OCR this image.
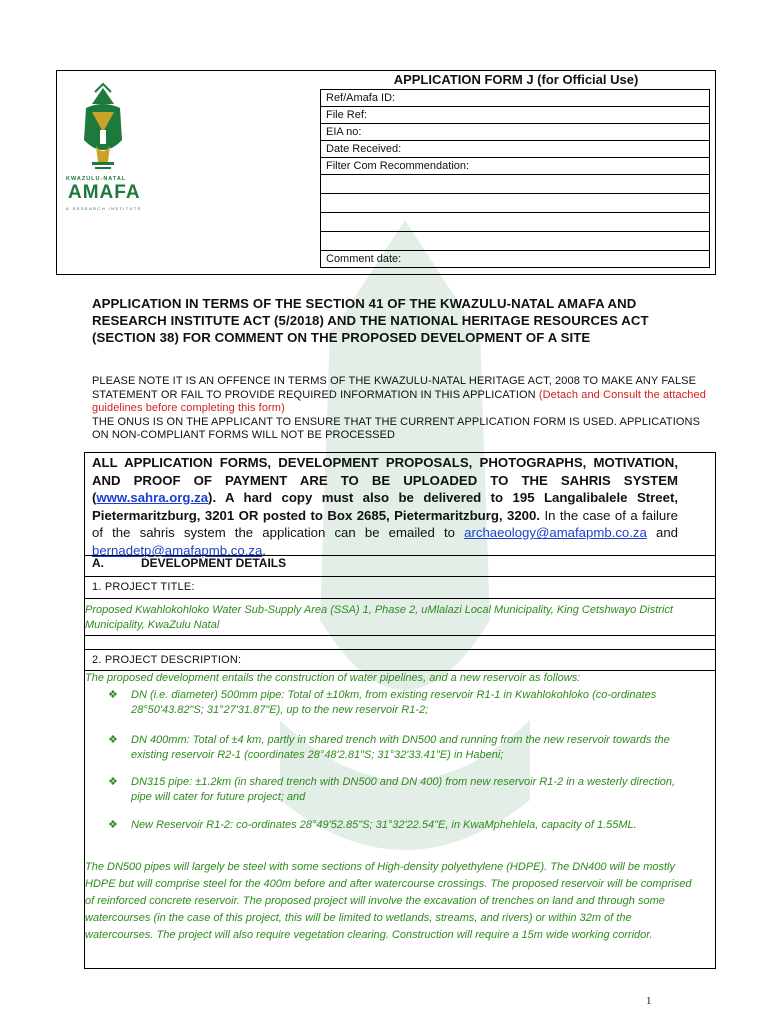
KWAZULU-NATAL
AMAFA
& RESEARCH INSTITUTE
APPLICATION FORM J (for Official Use)
Ref/Amafa ID:
File Ref:
EIA no:
Date Received:
Filter Com Recommendation:

Comment date:
APPLICATION IN TERMS OF THE SECTION 41 OF THE KWAZULU-NATAL AMAFA AND RESEARCH INSTITUTE ACT (5/2018) AND THE NATIONAL HERITAGE RESOURCES ACT (SECTION 38) FOR COMMENT ON THE PROPOSED DEVELOPMENT OF A SITE
PLEASE NOTE IT IS AN OFFENCE IN TERMS OF THE KWAZULU-NATAL HERITAGE ACT, 2008 TO MAKE ANY FALSE STATEMENT OR FAIL TO PROVIDE REQUIRED INFORMATION IN THIS APPLICATION (Detach and Consult the attached guidelines before completing this form)
THE ONUS IS ON THE APPLICANT TO ENSURE THAT THE CURRENT APPLICATION FORM IS USED. APPLICATIONS ON NON-COMPLIANT FORMS WILL NOT BE PROCESSED
ALL APPLICATION FORMS, DEVELOPMENT PROPOSALS, PHOTOGRAPHS, MOTIVATION, AND PROOF OF PAYMENT ARE TO BE UPLOADED TO THE SAHRIS SYSTEM (www.sahra.org.za). A hard copy must also be delivered to 195 Langalibalele Street, Pietermaritzburg, 3201 OR posted to Box 2685, Pietermaritzburg, 3200. In the case of a failure of the sahris system the application can be emailed to archaeology@amafapmb.co.za and bernadetp@amafapmb.co.za.
A.	DEVELOPMENT DETAILS
1. PROJECT TITLE:
Proposed Kwahlokohloko Water Sub-Supply Area (SSA) 1, Phase 2, uMlalazi Local Municipality, King Cetshwayo District Municipality, KwaZulu Natal
2. PROJECT DESCRIPTION:
The proposed development entails the construction of water pipelines, and a new reservoir as follows:
❖ DN (i.e. diameter) 500mm pipe: Total of ±10km, from existing reservoir R1-1 in Kwahlokohloko (co-ordinates 28°50'43.82"S; 31°27'31.87"E), up to the new reservoir R1-2;
❖ DN 400mm: Total of ±4 km, partly in shared trench with DN500 and running from the new reservoir towards the existing reservoir R2-1 (coordinates 28°48'2.81"S; 31°32'33.41"E) in Habeni;
❖ DN315 pipe: ±1.2km (in shared trench with DN500 and DN 400) from new reservoir R1-2 in a westerly direction, pipe will cater for future project; and
❖ New Reservoir R1-2: co-ordinates 28°49'52.85"S; 31°32'22.54"E, in KwaMphehlela, capacity of 1.55ML.
The DN500 pipes will largely be steel with some sections of High-density polyethylene (HDPE). The DN400 will be mostly HDPE but will comprise steel for the 400m before and after watercourse crossings. The proposed reservoir will be comprised of reinforced concrete reservoir. The proposed project will involve the excavation of trenches on land and through some watercourses (in the case of this project, this will be limited to wetlands, streams, and rivers) or within 32m of the watercourses. The project will also require vegetation clearing. Construction will require a 15m wide working corridor.
1
